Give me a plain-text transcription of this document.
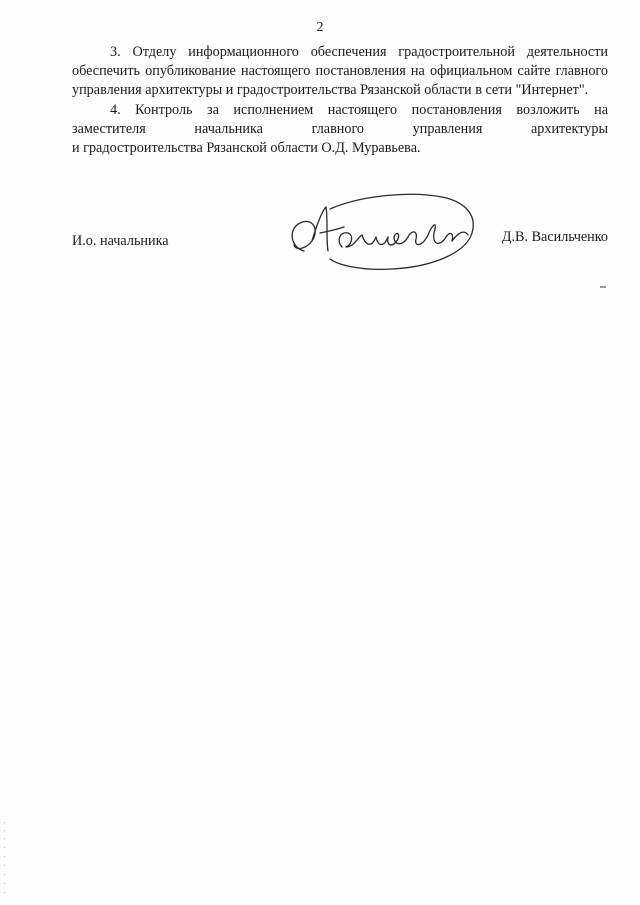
2

3. Отделу информационного обеспечения градостроительной деятельности обеспечить опубликование настоящего постановления на официальном сайте главного управления архитектуры и градостроительства Рязанской области в сети "Интернет".

4. Контроль за исполнением настоящего постановления возложить на заместителя начальника главного управления архитектуры

и градостроительства Рязанской области О.Д. Муравьева.

И.о. начальника	Д.В. Васильченко
